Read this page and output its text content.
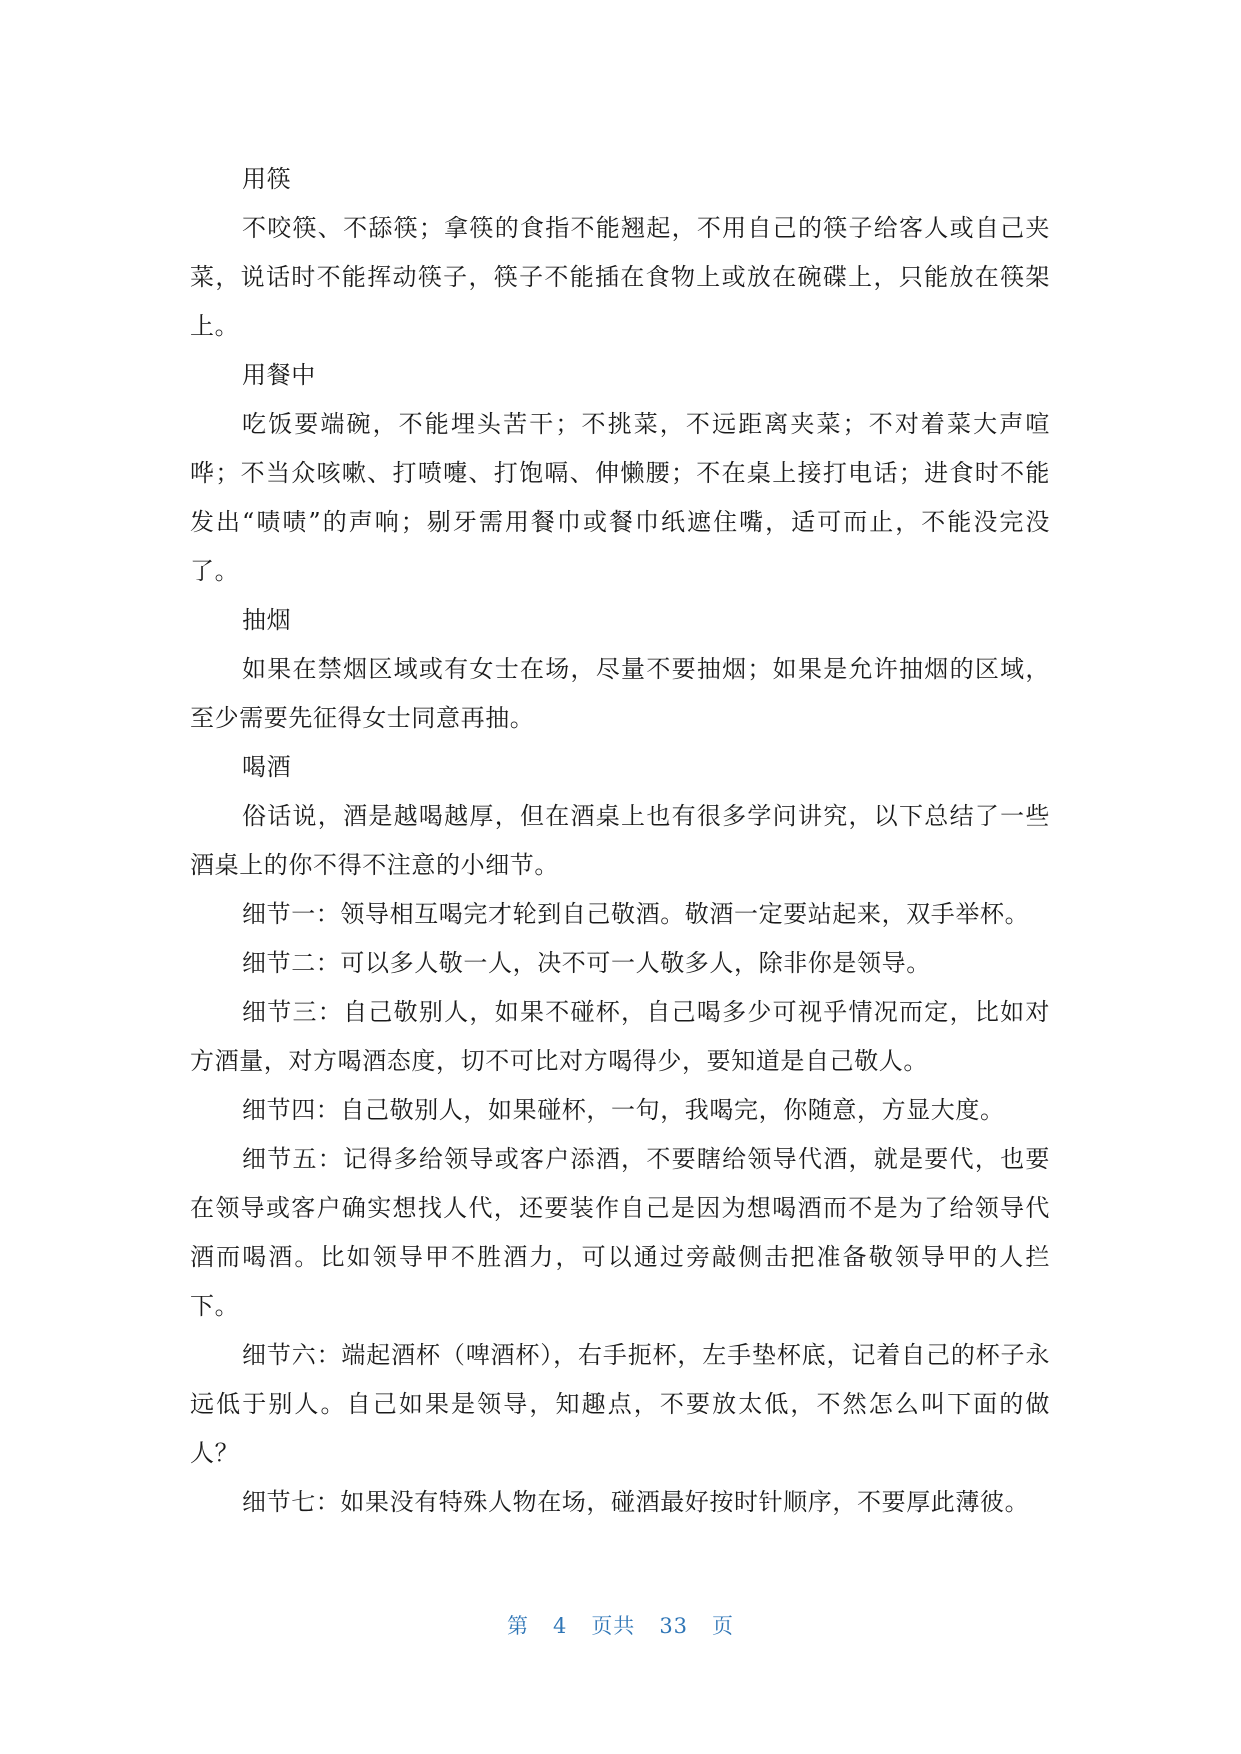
用筷

不咬筷、不舔筷；拿筷的食指不能翘起，不用自己的筷子给客人或自己夹菜，说话时不能挥动筷子，筷子不能插在食物上或放在碗碟上，只能放在筷架上。

用餐中

吃饭要端碗，不能埋头苦干；不挑菜，不远距离夹菜；不对着菜大声喧哗；不当众咳嗽、打喷嚏、打饱嗝、伸懒腰；不在桌上接打电话；进食时不能发出“啧啧”的声响；剔牙需用餐巾或餐巾纸遮住嘴，适可而止，不能没完没了。

抽烟

如果在禁烟区域或有女士在场，尽量不要抽烟；如果是允许抽烟的区域，至少需要先征得女士同意再抽。

喝酒

俗话说，酒是越喝越厚，但在酒桌上也有很多学问讲究，以下总结了一些酒桌上的你不得不注意的小细节。

细节一：领导相互喝完才轮到自己敬酒。敬酒一定要站起来，双手举杯。

细节二：可以多人敬一人，决不可一人敬多人，除非你是领导。

细节三：自己敬别人，如果不碰杯，自己喝多少可视乎情况而定，比如对方酒量，对方喝酒态度，切不可比对方喝得少，要知道是自己敬人。

细节四：自己敬别人，如果碰杯，一句，我喝完，你随意，方显大度。

细节五：记得多给领导或客户添酒，不要瞎给领导代酒，就是要代，也要在领导或客户确实想找人代，还要装作自己是因为想喝酒而不是为了给领导代酒而喝酒。比如领导甲不胜酒力，可以通过旁敲侧击把准备敬领导甲的人拦下。

细节六：端起酒杯（啤酒杯），右手扼杯，左手垫杯底，记着自己的杯子永远低于别人。自己如果是领导，知趣点，不要放太低，不然怎么叫下面的做人？

细节七：如果没有特殊人物在场，碰酒最好按时针顺序，不要厚此薄彼。

第 4 页共 33 页
